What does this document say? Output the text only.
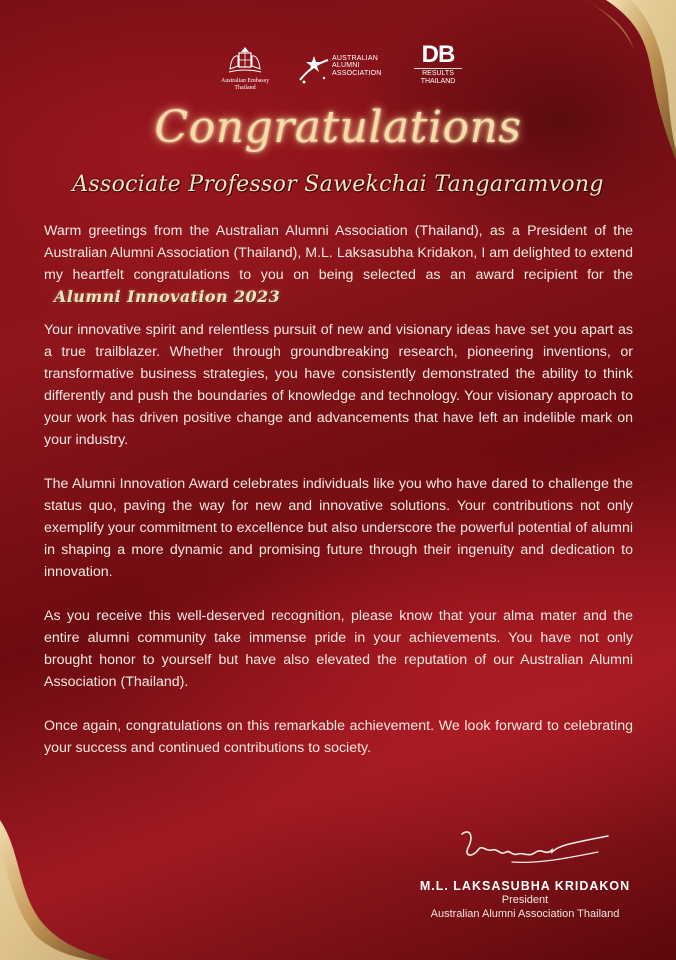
Australian Embassy
Thailand
AUSTRALIAN
ALUMNI
ASSOCIATION
DB
RESULTS
THAILAND
Congratulations
Associate Professor Sawekchai Tangaramvong

Warm greetings from the Australian Alumni Association (Thailand), as a President of the Australian Alumni Association (Thailand), M.L. Laksasubha Kridakon, I am delighted to extend my heartfelt congratulations to you on being selected as an award recipient for the Alumni Innovation 2023

Your innovative spirit and relentless pursuit of new and visionary ideas have set you apart as a true trailblazer. Whether through groundbreaking research, pioneering inventions, or transformative business strategies, you have consistently demonstrated the ability to think differently and push the boundaries of knowledge and technology. Your visionary approach to your work has driven positive change and advancements that have left an indelible mark on your industry.

The Alumni Innovation Award celebrates individuals like you who have dared to challenge the status quo, paving the way for new and innovative solutions. Your contributions not only exemplify your commitment to excellence but also underscore the powerful potential of alumni in shaping a more dynamic and promising future through their ingenuity and dedication to innovation.

As you receive this well-deserved recognition, please know that your alma mater and the entire alumni community take immense pride in your achievements. You have not only brought honor to yourself but have also elevated the reputation of our Australian Alumni Association (Thailand).

Once again, congratulations on this remarkable achievement. We look forward to celebrating your success and continued contributions to society.

M.L. LAKSASUBHA KRIDAKON
President
Australian Alumni Association Thailand
